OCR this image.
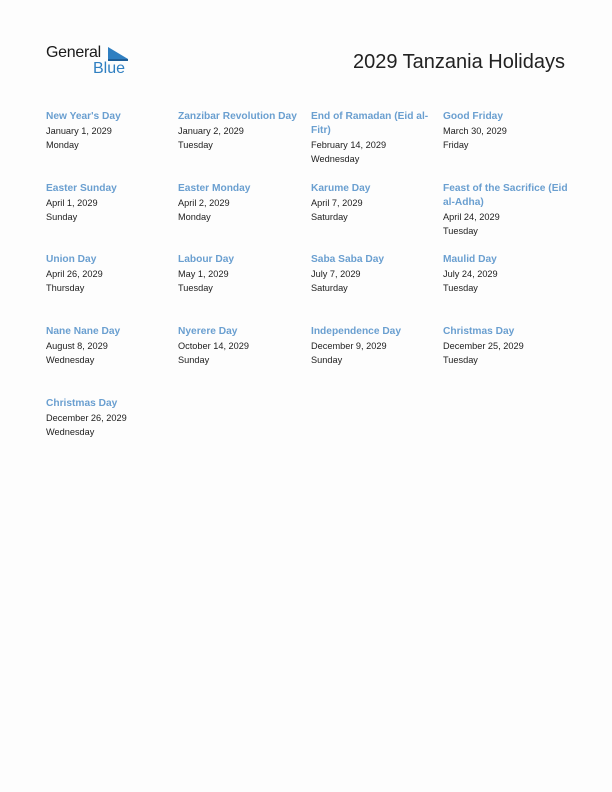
General
Blue	2029 Tanzania Holidays
New Year's Day
January 1, 2029
Monday
Zanzibar Revolution Day
January 2, 2029
Tuesday
End of Ramadan (Eid al-Fitr)
February 14, 2029
Wednesday
Good Friday
March 30, 2029
Friday
Easter Sunday
April 1, 2029
Sunday
Easter Monday
April 2, 2029
Monday
Karume Day
April 7, 2029
Saturday
Feast of the Sacrifice (Eid al-Adha)
April 24, 2029
Tuesday
Union Day
April 26, 2029
Thursday
Labour Day
May 1, 2029
Tuesday
Saba Saba Day
July 7, 2029
Saturday
Maulid Day
July 24, 2029
Tuesday
Nane Nane Day
August 8, 2029
Wednesday
Nyerere Day
October 14, 2029
Sunday
Independence Day
December 9, 2029
Sunday
Christmas Day
December 25, 2029
Tuesday
Christmas Day
December 26, 2029
Wednesday
